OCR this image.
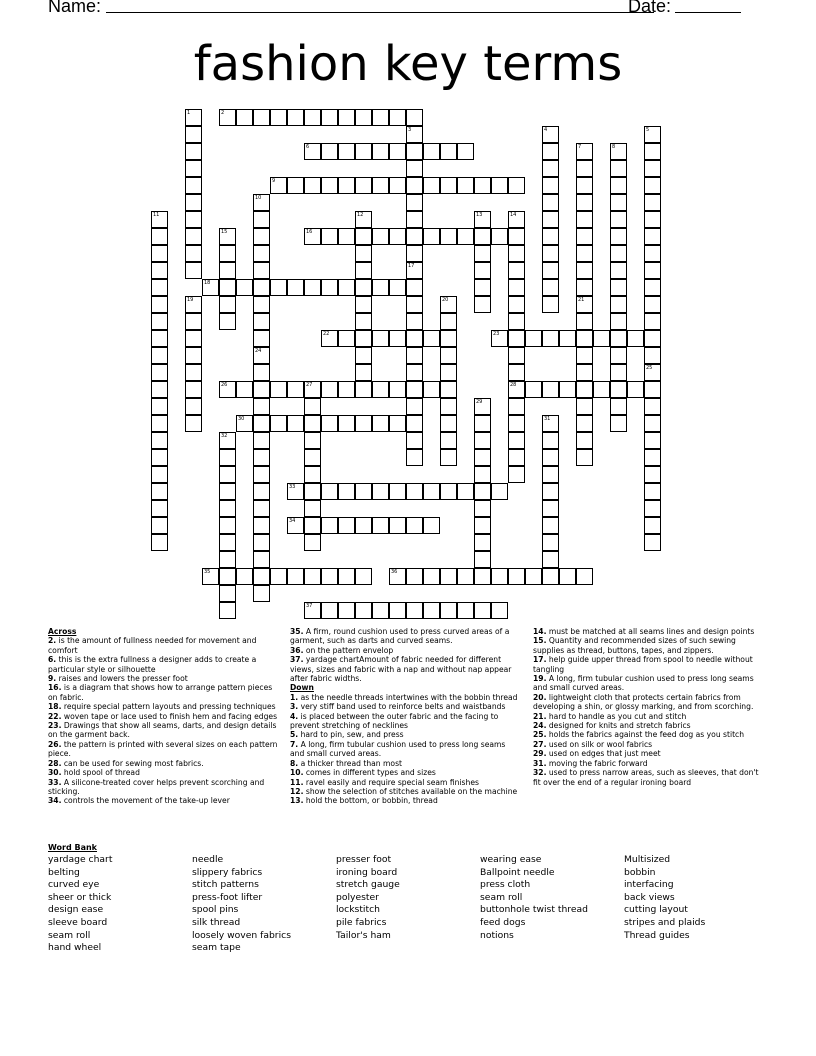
Name:	Date:
fashion key terms
2
6
9
16
18
22	23
26	27	28
30
33
34
35	36
37
1
3	4	5
25
7
21
8
10
24
11	12	13	14
15
17
19	20
29
31
32
Across
2. is the amount of fullness needed for movement and comfort
6. this is the extra fullness a designer adds to create a particular style or silhouette
9. raises and lowers the presser foot
16. is a diagram that shows how to arrange pattern pieces on fabric.
18. require special pattern layouts and pressing techniques
22. woven tape or lace used to finish hem and facing edges
23. Drawings that show all seams, darts, and design details on the garment back.
26. the pattern is printed with several sizes on each pattern piece.
28. can be used for sewing most fabrics.
30. hold spool of thread
33. A silicone-treated cover helps prevent scorching and sticking.
34. controls the movement of the take-up lever
35. A firm, round cushion used to press curved areas of a garment, such as darts and curved seams.
36. on the pattern envelop
37. yardage chartAmount of fabric needed for different views, sizes and fabric with a nap and without nap appear after fabric widths.
Down
1. as the needle threads intertwines with the bobbin thread
3. very stiff band used to reinforce belts and waistbands
4. is placed between the outer fabric and the facing to prevent stretching of necklines
5. hard to pin, sew, and press
7. A long, firm tubular cushion used to press long seams and small curved areas.
8. a thicker thread than most
10. comes in different types and sizes
11. ravel easily and require special seam finishes
12. show the selection of stitches available on the machine
13. hold the bottom, or bobbin, thread
14. must be matched at all seams lines and design points
15. Quantity and recommended sizes of such sewing supplies as thread, buttons, tapes, and zippers.
17. help guide upper thread from spool to needle without tangling
19. A long, firm tubular cushion used to press long seams and small curved areas.
20. lightweight cloth that protects certain fabrics from developing a shin, or glossy marking, and from scorching.
21. hard to handle as you cut and stitch
24. designed for knits and stretch fabrics
25. holds the fabrics against the feed dog as you stitch
27. used on silk or wool fabrics
29. used on edges that just meet
31. moving the fabric forward
32. used to press narrow areas, such as sleeves, that don't fit over the end of a regular ironing board
Word Bank
yardage chart
belting
curved eye
sheer or thick
design ease
sleeve board
seam roll
hand wheel
needle
slippery fabrics
stitch patterns
press-foot lifter
spool pins
silk thread
loosely woven fabrics
seam tape
presser foot
ironing board
stretch gauge
polyester
lockstitch
pile fabrics
Tailor's ham
wearing ease
Ballpoint needle
press cloth
seam roll
buttonhole twist thread
feed dogs
notions
Multisized
bobbin
interfacing
back views
cutting layout
stripes and plaids
Thread guides
